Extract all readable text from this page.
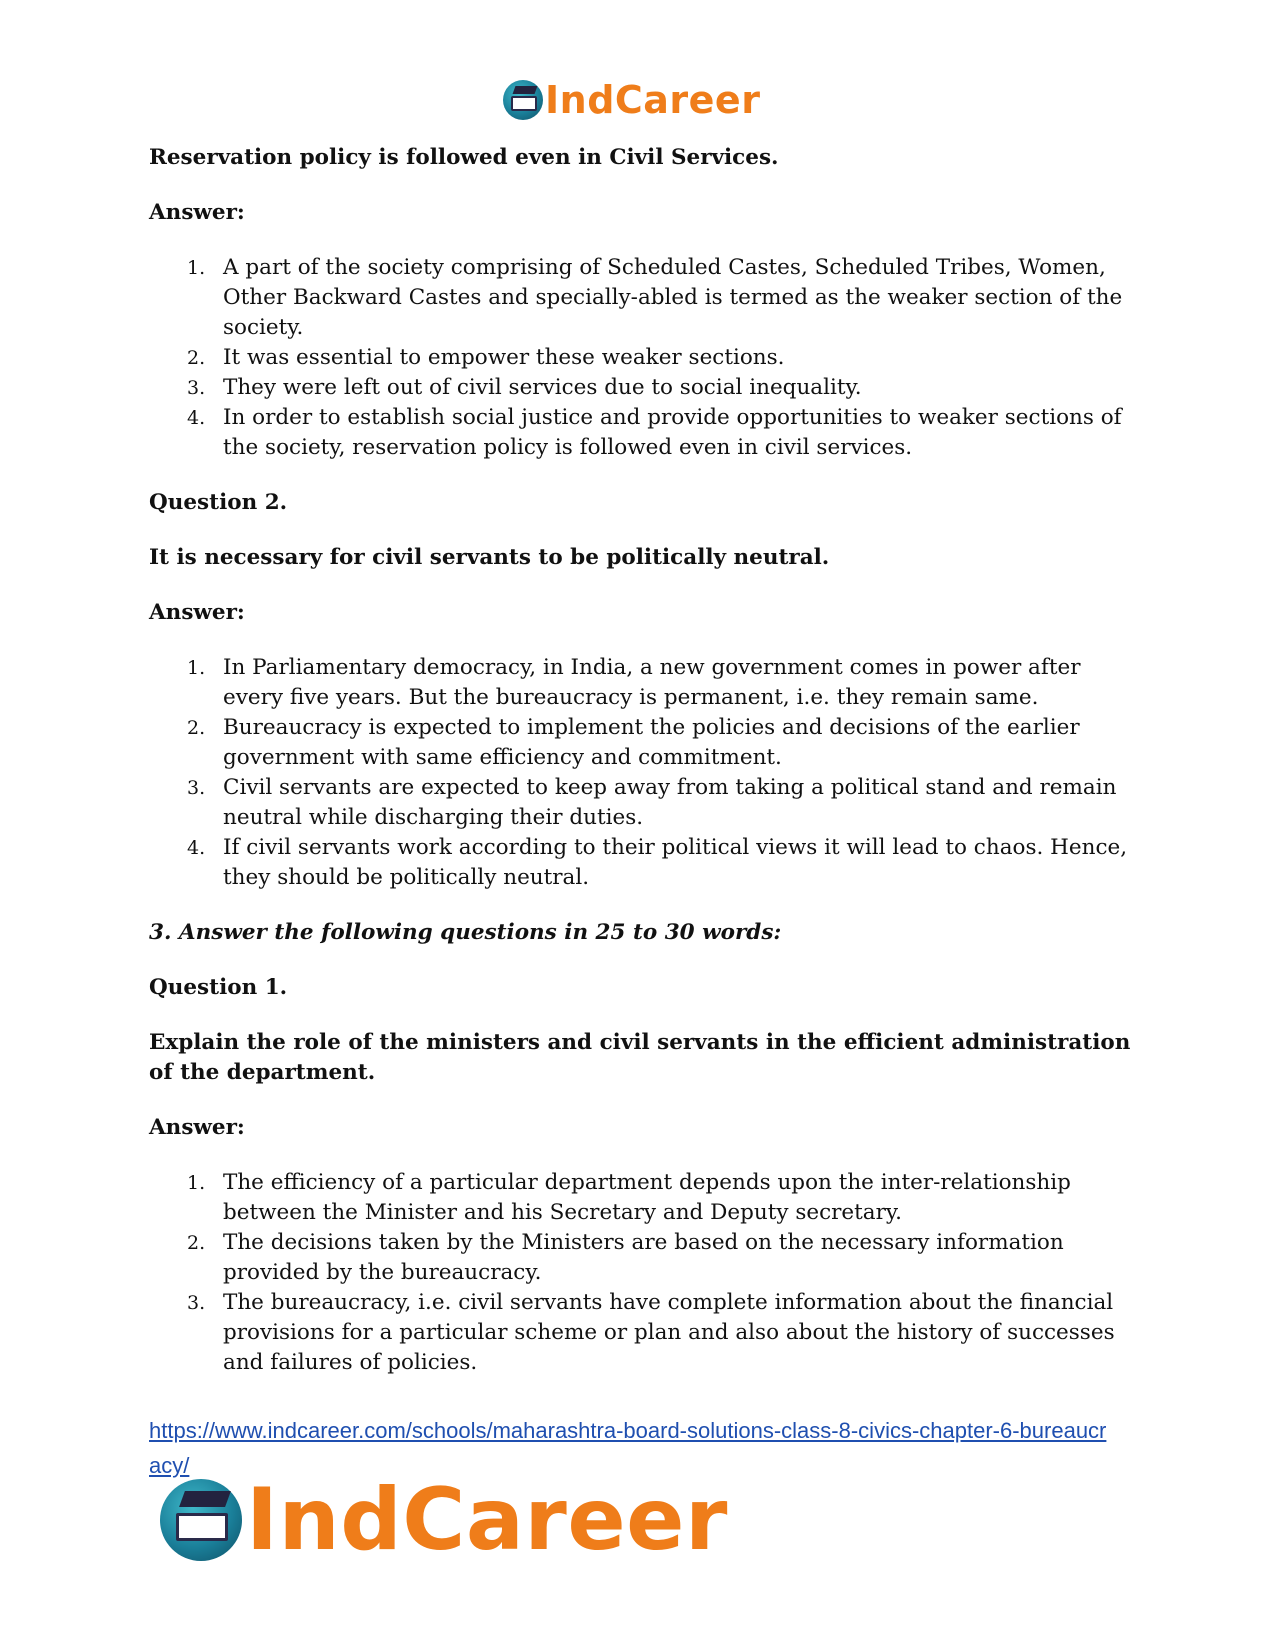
IndCareer

Reservation policy is followed even in Civil Services.

Answer:

1. A part of the society comprising of Scheduled Castes, Scheduled Tribes, Women, Other Backward Castes and specially-abled is termed as the weaker section of the society.
2. It was essential to empower these weaker sections.
3. They were left out of civil services due to social inequality.
4. In order to establish social justice and provide opportunities to weaker sections of the society, reservation policy is followed even in civil services.

Question 2.

It is necessary for civil servants to be politically neutral.

Answer:

1. In Parliamentary democracy, in India, a new government comes in power after every five years. But the bureaucracy is permanent, i.e. they remain same.
2. Bureaucracy is expected to implement the policies and decisions of the earlier government with same efficiency and commitment.
3. Civil servants are expected to keep away from taking a political stand and remain neutral while discharging their duties.
4. If civil servants work according to their political views it will lead to chaos. Hence, they should be politically neutral.

3. Answer the following questions in 25 to 30 words:

Question 1.

Explain the role of the ministers and civil servants in the efficient administration of the department.

Answer:

1. The efficiency of a particular department depends upon the inter-relationship between the Minister and his Secretary and Deputy secretary.
2. The decisions taken by the Ministers are based on the necessary information provided by the bureaucracy.
3. The bureaucracy, i.e. civil servants have complete information about the financial provisions for a particular scheme or plan and also about the history of successes and failures of policies.
https://www.indcareer.com/schools/maharashtra-board-solutions-class-8-civics-chapter-6-bureaucracy/
IndCareer
